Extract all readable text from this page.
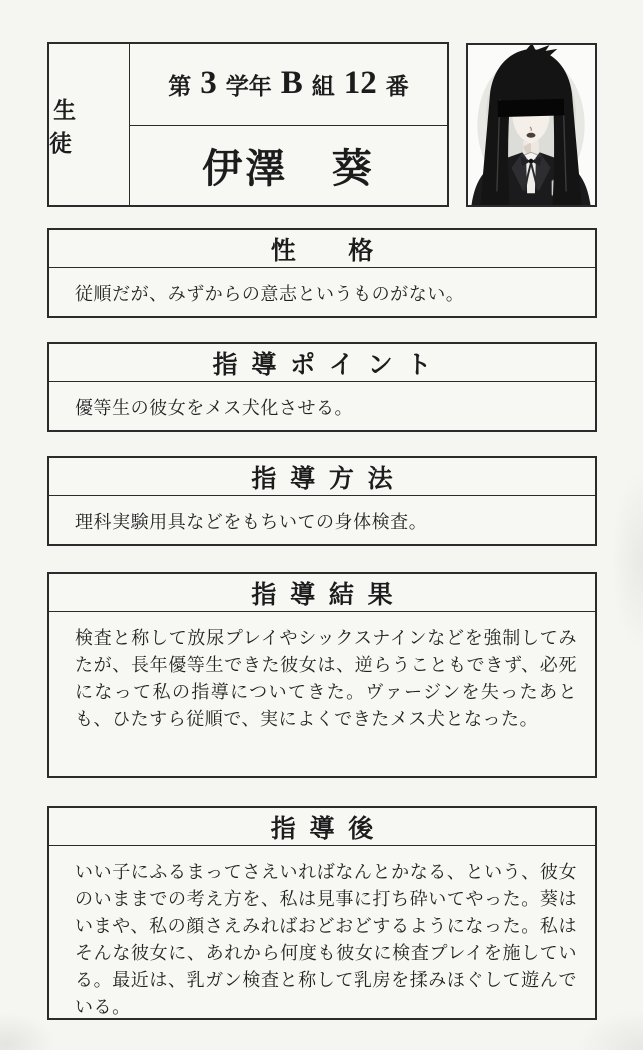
生　徒
第 3 学年 B 組 12 番
伊澤　葵
性　格
従順だが、みずからの意志というものがない。
指導ポイント
優等生の彼女をメス犬化させる。
指導方法
理科実験用具などをもちいての身体検査。
指導結果
検査と称して放尿プレイやシックスナインなどを強制してみたが、長年優等生できた彼女は、逆らうこともできず、必死になって私の指導についてきた。ヴァージンを失ったあとも、ひたすら従順で、実によくできたメス犬となった。
指導後
いい子にふるまってさえいればなんとかなる、という、彼女のいままでの考え方を、私は見事に打ち砕いてやった。葵はいまや、私の顔さえみればおどおどするようになった。私はそんな彼女に、あれから何度も彼女に検査プレイを施している。最近は、乳ガン検査と称して乳房を揉みほぐして遊んでいる。
